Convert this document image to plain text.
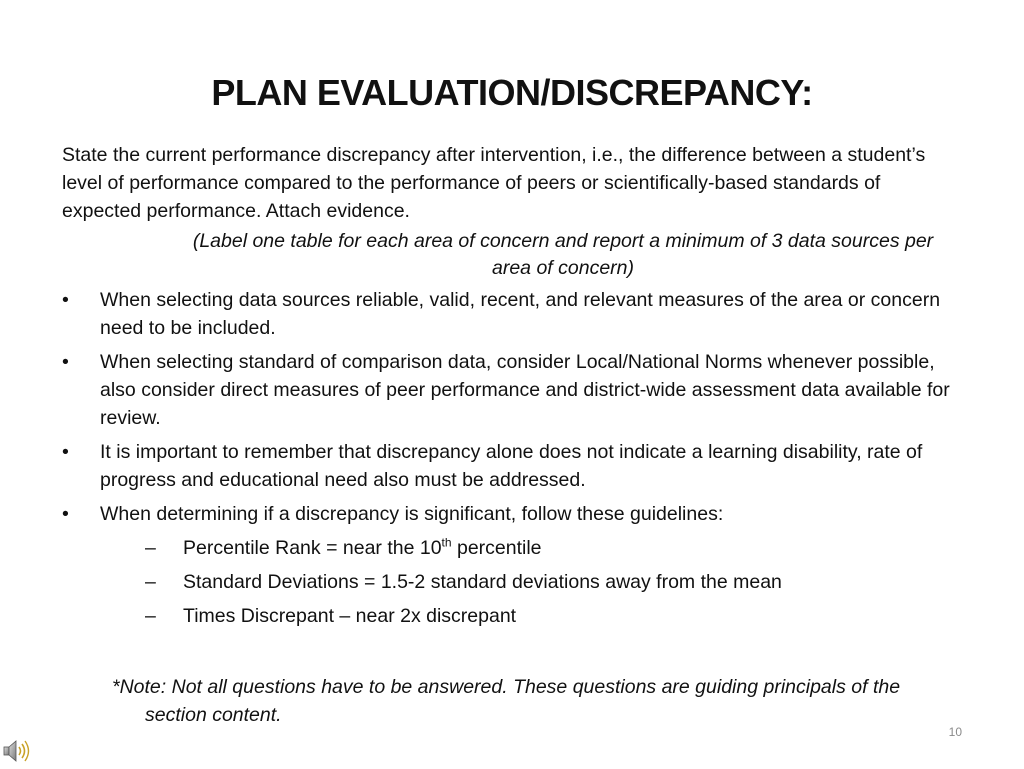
PLAN EVALUATION/DISCREPANCY:

State the current performance discrepancy after intervention, i.e., the difference between a student’s level of performance compared to the performance of peers or scientifically-based standards of expected performance. Attach evidence.

(Label one table for each area of concern and report a minimum of 3 data sources per area of concern)

•	When selecting data sources reliable, valid, recent, and relevant measures of the area or concern need to be included.
•	When selecting standard of comparison data, consider Local/National Norms whenever possible, also consider direct measures of peer performance and district-wide assessment data available for review.
•	It is important to remember that discrepancy alone does not indicate a learning disability, rate of progress and educational need also must be addressed.
•	When determining if a discrepancy is significant, follow these guidelines:
– Percentile Rank = near the 10th percentile
– Standard Deviations = 1.5-2 standard deviations away from the mean
– Times Discrepant – near 2x discrepant

*Note: Not all questions have to be answered. These questions are guiding principals of the section content.

10
